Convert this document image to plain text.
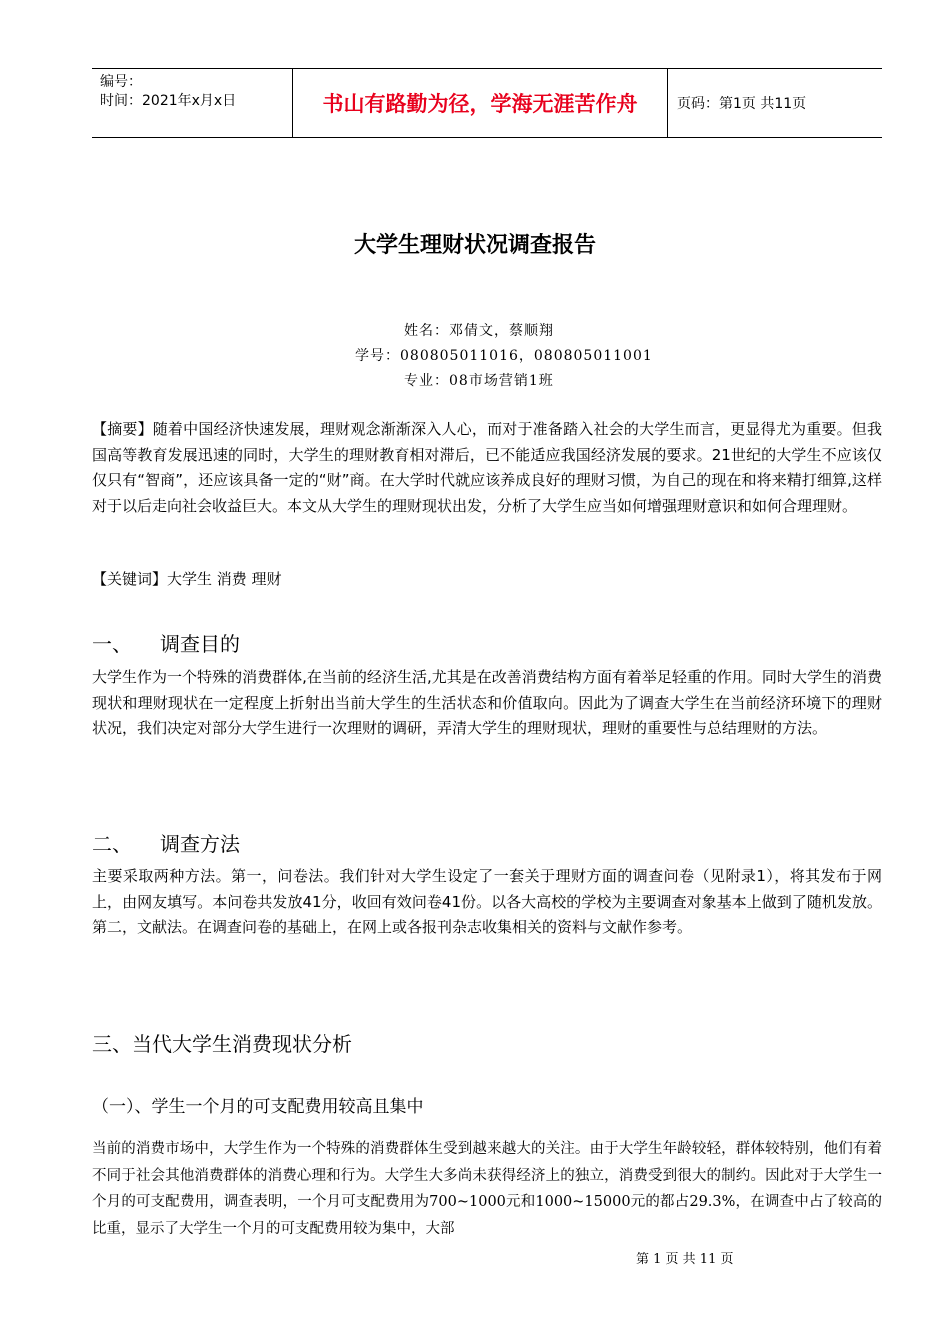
编号：
时间：2021年x月x日	书山有路勤为径，学海无涯苦作舟	页码：第1页 共11页
大学生理财状况调查报告
姓名：邓倩文，蔡顺翔
学号：080805011016，080805011001
专业：08市场营销1班
【摘要】随着中国经济快速发展，理财观念渐渐深入人心，而对于准备踏入社会的大学生而言，更显得尤为重要。但我国高等教育发展迅速的同时，大学生的理财教育相对滞后，已不能适应我国经济发展的要求。21世纪的大学生不应该仅仅只有“智商”，还应该具备一定的“财”商。在大学时代就应该养成良好的理财习惯，为自己的现在和将来精打细算,这样对于以后走向社会收益巨大。本文从大学生的理财现状出发，分析了大学生应当如何增强理财意识和如何合理理财。
【关键词】大学生 消费 理财
一、 调查目的
大学生作为一个特殊的消费群体,在当前的经济生活,尤其是在改善消费结构方面有着举足轻重的作用。同时大学生的消费现状和理财现状在一定程度上折射出当前大学生的生活状态和价值取向。因此为了调查大学生在当前经济环境下的理财状况，我们决定对部分大学生进行一次理财的调研，弄清大学生的理财现状，理财的重要性与总结理财的方法。
二、 调查方法
主要采取两种方法。第一，问卷法。我们针对大学生设定了一套关于理财方面的调查问卷（见附录1），将其发布于网上，由网友填写。本问卷共发放41分，收回有效问卷41份。以各大高校的学校为主要调查对象基本上做到了随机发放。第二，文献法。在调查问卷的基础上，在网上或各报刊杂志收集相关的资料与文献作参考。
三、当代大学生消费现状分析
（一）、学生一个月的可支配费用较高且集中
当前的消费市场中，大学生作为一个特殊的消费群体生受到越来越大的关注。由于大学生年龄较轻，群体较特别，他们有着不同于社会其他消费群体的消费心理和行为。大学生大多尚未获得经济上的独立，消费受到很大的制约。因此对于大学生一个月的可支配费用，调查表明，一个月可支配费用为700~1000元和1000~15000元的都占29.3%，在调查中占了较高的比重，显示了大学生一个月的可支配费用较为集中，大部
第 1 页 共 11 页
